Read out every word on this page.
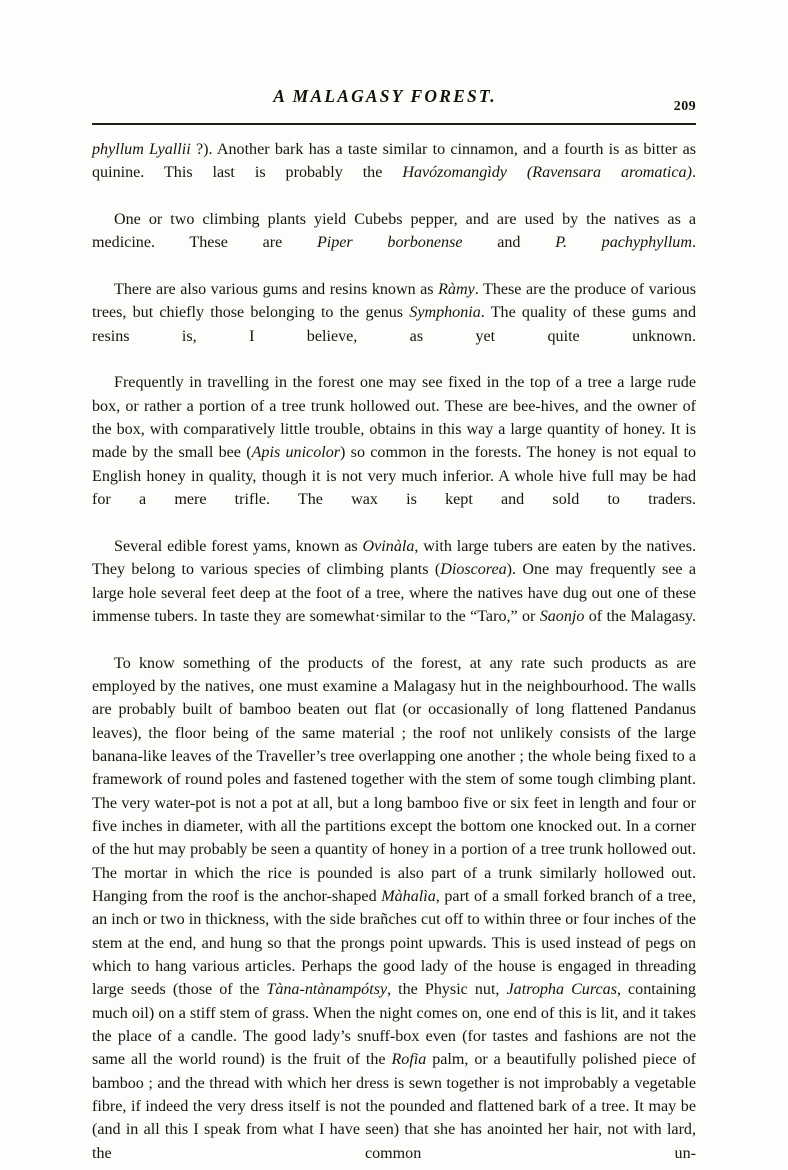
A MALAGASY FOREST.
209

phyllum Lyallii ?). Another bark has a taste similar to cinnamon, and a fourth is as bitter as quinine. This last is probably the Havózomangìdy (Ravensara aromatica).

One or two climbing plants yield Cubebs pepper, and are used by the natives as a medicine. These are Piper borbonense and P. pachyphyllum.

There are also various gums and resins known as Ràmy. These are the produce of various trees, but chiefly those belonging to the genus Symphonia. The quality of these gums and resins is, I believe, as yet quite unknown.

Frequently in travelling in the forest one may see fixed in the top of a tree a large rude box, or rather a portion of a tree trunk hollowed out. These are bee-hives, and the owner of the box, with comparatively little trouble, obtains in this way a large quantity of honey. It is made by the small bee (Apis unicolor) so common in the forests. The honey is not equal to English honey in quality, though it is not very much inferior. A whole hive full may be had for a mere trifle. The wax is kept and sold to traders.

Several edible forest yams, known as Ovinàla, with large tubers are eaten by the natives. They belong to various species of climbing plants (Dioscorea). One may frequently see a large hole several feet deep at the foot of a tree, where the natives have dug out one of these immense tubers. In taste they are somewhat·similar to the “Taro,” or Saonjo of the Malagasy.

To know something of the products of the forest, at any rate such products as are employed by the natives, one must examine a Malagasy hut in the neighbourhood. The walls are probably built of bamboo beaten out flat (or occasionally of long flattened Pandanus leaves), the floor being of the same material ; the roof not unlikely consists of the large banana-like leaves of the Traveller’s tree overlapping one another ; the whole being fixed to a framework of round poles and fastened together with the stem of some tough climbing plant. The very water-pot is not a pot at all, but a long bamboo five or six feet in length and four or five inches in diameter, with all the partitions except the bottom one knocked out. In a corner of the hut may probably be seen a quantity of honey in a portion of a tree trunk hollowed out. The mortar in which the rice is pounded is also part of a trunk similarly hollowed out. Hanging from the roof is the anchor-shaped Màhalìa, part of a small forked branch of a tree, an inch or two in thickness, with the side brañches cut off to within three or four inches of the stem at the end, and hung so that the prongs point upwards. This is used instead of pegs on which to hang various articles. Perhaps the good lady of the house is engaged in threading large seeds (those of the Tàna-ntànampótsy, the Physic nut, Jatropha Curcas, containing much oil) on a stiff stem of grass. When the night comes on, one end of this is lit, and it takes the place of a candle. The good lady’s snuff-box even (for tastes and fashions are not the same all the world round) is the fruit of the Rofia palm, or a beautifully polished piece of bamboo ; and the thread with which her dress is sewn together is not improbably a vegetable fibre, if indeed the very dress itself is not the pounded and flattened bark of a tree. It may be (and in all this I speak from what I have seen) that she has anointed her hair, not with lard, the common un-
